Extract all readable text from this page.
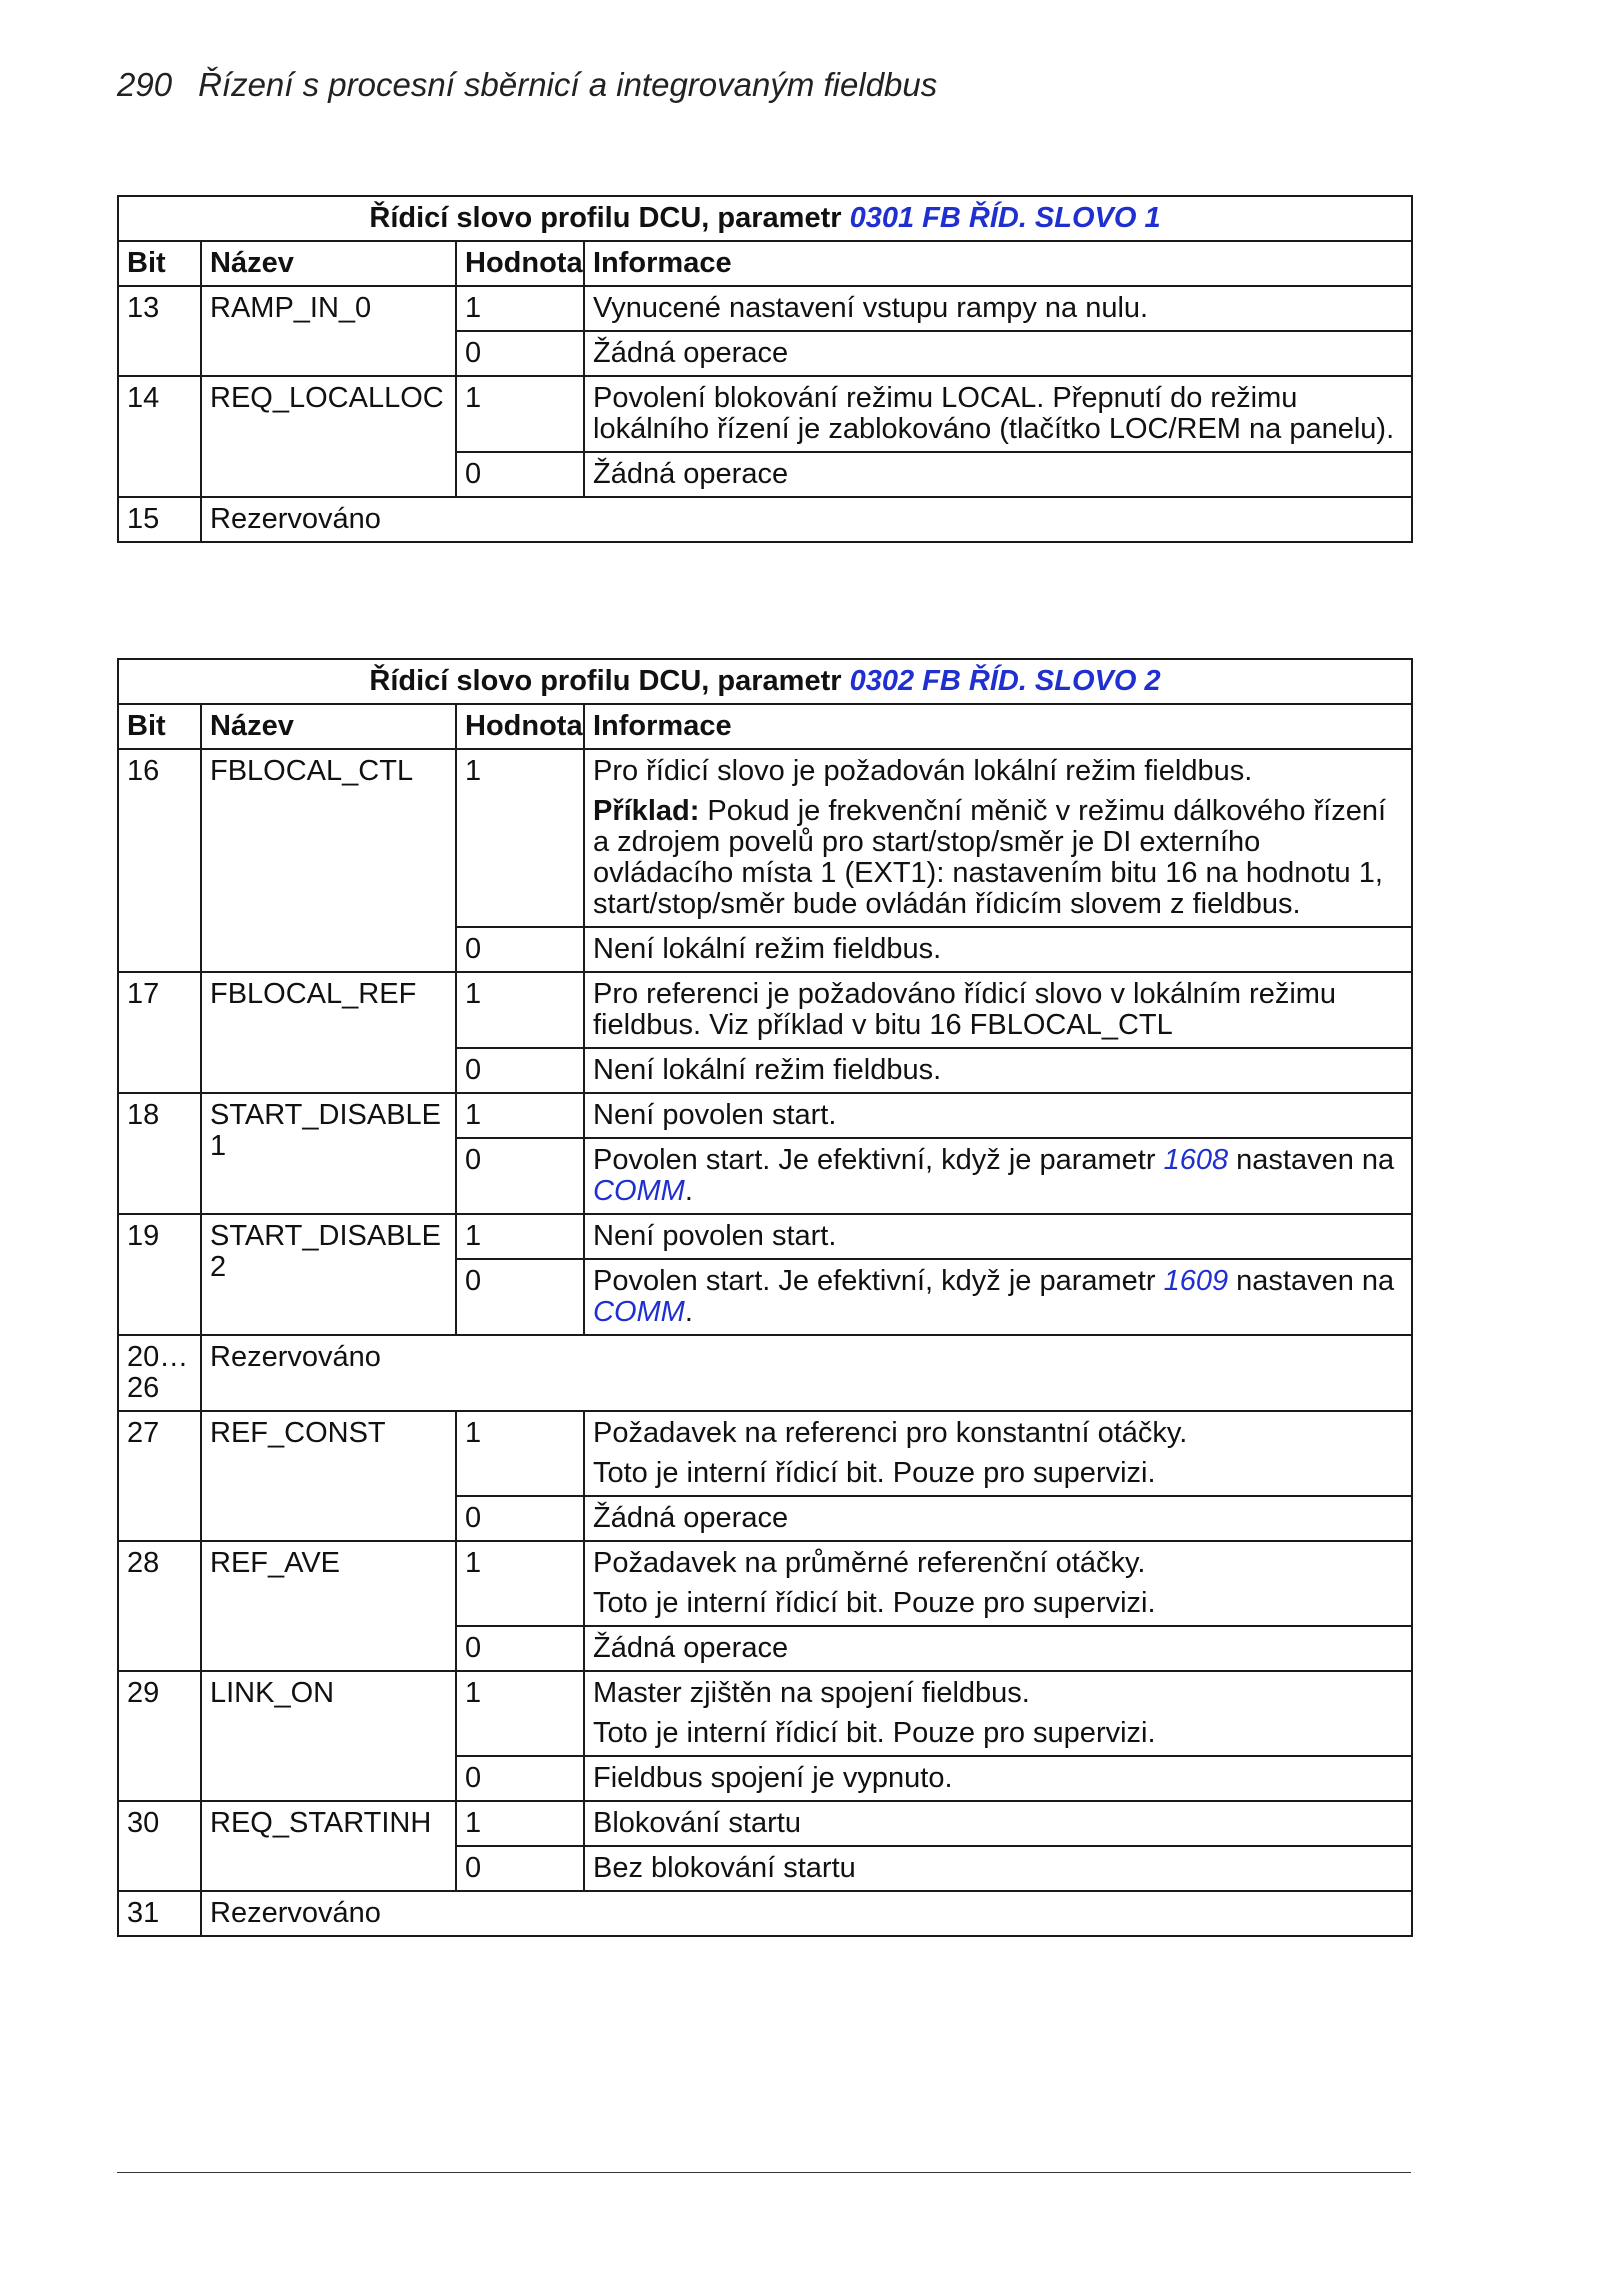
290 Řízení s procesní sběrnicí a integrovaným fieldbus
Řídicí slovo profilu DCU, parametr 0301 FB ŘÍD. SLOVO 1			
Bit	Název	Hodnota	Informace
13	RAMP_IN_0	1	Vynucené nastavení vstupu rampy na nulu.
		0	Žádná operace
14	REQ_LOCALLOC	1	Povolení blokování režimu LOCAL. Přepnutí do režimu lokálního řízení je zablokováno (tlačítko LOC/REM na panelu).
		0	Žádná operace
15	Rezervováno		
Řídicí slovo profilu DCU, parametr 0302 FB ŘÍD. SLOVO 2			
Bit	Název	Hodnota	Informace
16	FBLOCAL_CTL	1	Pro řídicí slovo je požadován lokální režim fieldbus.
Příklad: Pokud je frekvenční měnič v režimu dálkového řízení a zdrojem povelů pro start/stop/směr je DI externího ovládacího místa 1 (EXT1): nastavením bitu 16 na hodnotu 1, start/stop/směr bude ovládán řídicím slovem z fieldbus.

		0	Není lokální režim fieldbus.
17	FBLOCAL_REF	1	Pro referenci je požadováno řídicí slovo v lokálním režimu fieldbus. Viz příklad v bitu 16 FBLOCAL_CTL
		0	Není lokální režim fieldbus.
18	START_DISABLE1	1	Není povolen start.
		0	Povolen start. Je efektivní, když je parametr 1608 nastaven na COMM.
19	START_DISABLE2	1	Není povolen start.
		0	Povolen start. Je efektivní, když je parametr 1609 nastaven na COMM.

20…26	Rezervováno		
27	REF_CONST	1	Požadavek na referenci pro konstantní otáčky.
Toto je interní řídicí bit. Pouze pro supervizi.

		0	Žádná operace
28	REF_AVE	1	Požadavek na průměrné referenční otáčky.
Toto je interní řídicí bit. Pouze pro supervizi.

		0	Žádná operace
29	LINK_ON	1	Master zjištěn na spojení fieldbus.
Toto je interní řídicí bit. Pouze pro supervizi.

		0	Fieldbus spojení je vypnuto.
30	REQ_STARTINH	1	Blokování startu
		0	Bez blokování startu
31	Rezervováno		
